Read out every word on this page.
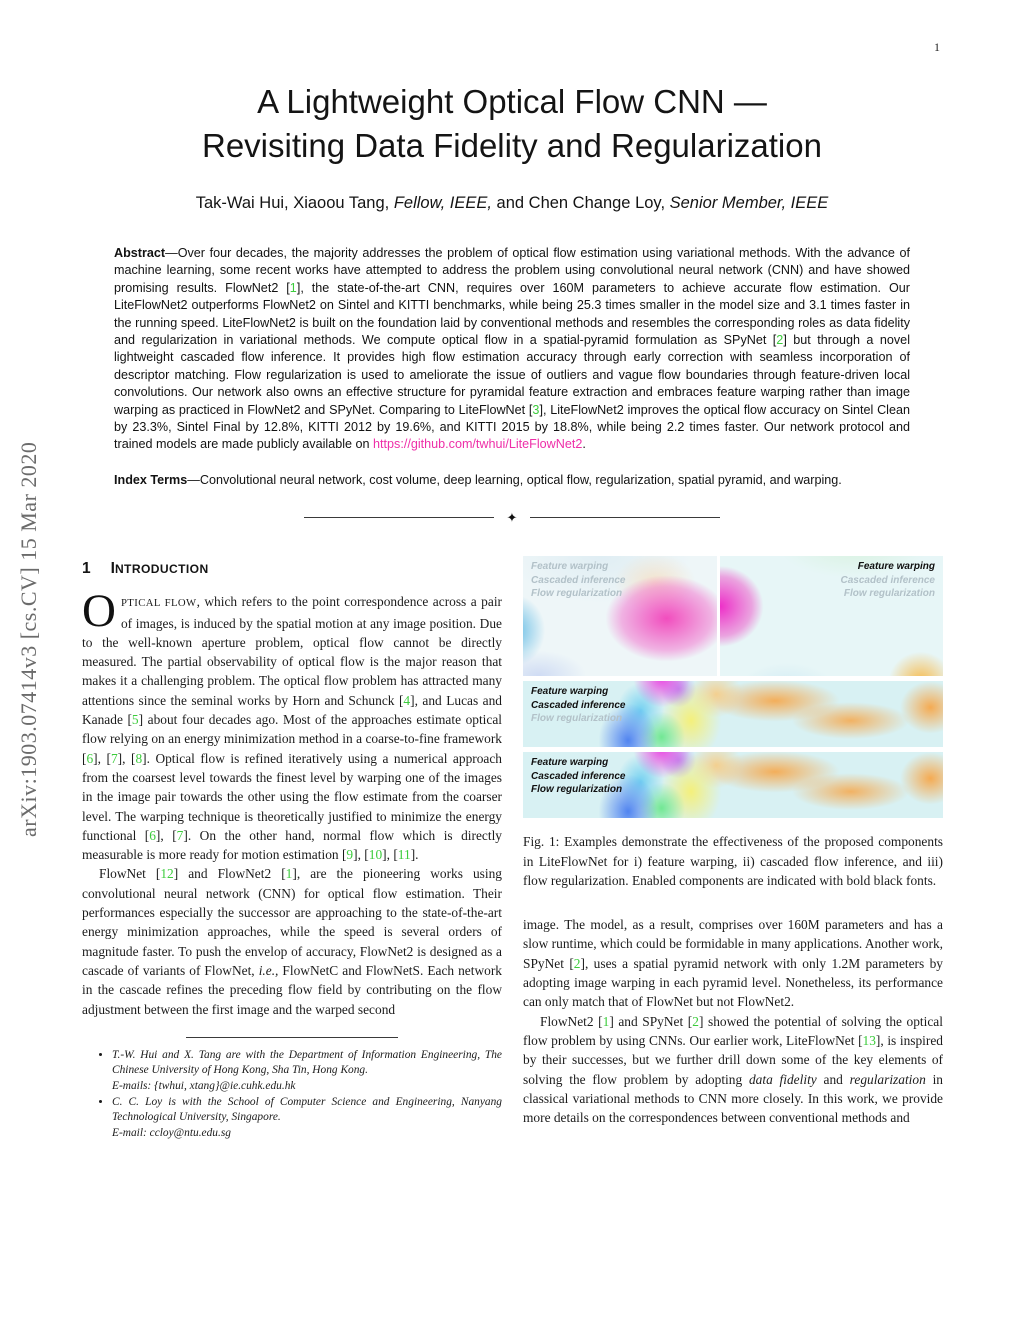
1
arXiv:1903.07414v3 [cs.CV] 15 Mar 2020
A Lightweight Optical Flow CNN —
Revisiting Data Fidelity and Regularization
Tak-Wai Hui, Xiaoou Tang, Fellow, IEEE, and Chen Change Loy, Senior Member, IEEE
Abstract—Over four decades, the majority addresses the problem of optical flow estimation using variational methods. With the advance of machine learning, some recent works have attempted to address the problem using convolutional neural network (CNN) and have showed promising results. FlowNet2 [1], the state-of-the-art CNN, requires over 160M parameters to achieve accurate flow estimation. Our LiteFlowNet2 outperforms FlowNet2 on Sintel and KITTI benchmarks, while being 25.3 times smaller in the model size and 3.1 times faster in the running speed. LiteFlowNet2 is built on the foundation laid by conventional methods and resembles the corresponding roles as data fidelity and regularization in variational methods. We compute optical flow in a spatial-pyramid formulation as SPyNet [2] but through a novel lightweight cascaded flow inference. It provides high flow estimation accuracy through early correction with seamless incorporation of descriptor matching. Flow regularization is used to ameliorate the issue of outliers and vague flow boundaries through feature-driven local convolutions. Our network also owns an effective structure for pyramidal feature extraction and embraces feature warping rather than image warping as practiced in FlowNet2 and SPyNet. Comparing to LiteFlowNet [3], LiteFlowNet2 improves the optical flow accuracy on Sintel Clean by 23.3%, Sintel Final by 12.8%, KITTI 2012 by 19.6%, and KITTI 2015 by 18.8%, while being 2.2 times faster. Our network protocol and trained models are made publicly available on https://github.com/twhui/LiteFlowNet2.
Index Terms—Convolutional neural network, cost volume, deep learning, optical flow, regularization, spatial pyramid, and warping.
✦
1 INTRODUCTION

OPTICAL FLOW, which refers to the point correspondence across a pair of images, is induced by the spatial motion at any image position. Due to the well-known aperture problem, optical flow cannot be directly measured. The partial observability of optical flow is the major reason that makes it a challenging problem. The optical flow problem has attracted many attentions since the seminal works by Horn and Schunck [4], and Lucas and Kanade [5] about four decades ago. Most of the approaches estimate optical flow relying on an energy minimization method in a coarse-to-fine framework [6], [7], [8]. Optical flow is refined iteratively using a numerical approach from the coarsest level towards the finest level by warping one of the images in the image pair towards the other using the flow estimate from the coarser level. The warping technique is theoretically justified to minimize the energy functional [6], [7]. On the other hand, normal flow which is directly measurable is more ready for motion estimation [9], [10], [11].

FlowNet [12] and FlowNet2 [1], are the pioneering works using convolutional neural network (CNN) for optical flow estimation. Their performances especially the successor are approaching to the state-of-the-art energy minimization approaches, while the speed is several orders of magnitude faster. To push the envelop of accuracy, FlowNet2 is designed as a cascade of variants of FlowNet, i.e., FlowNetC and FlowNetS. Each network in the cascade refines the preceding flow field by contributing on the flow adjustment between the first image and the warped second

• T.-W. Hui and X. Tang are with the Department of Information Engineering, The Chinese University of Hong Kong, Sha Tin, Hong Kong.
E-mails: {twhui, xtang}@ie.cuhk.edu.hk
• C. C. Loy is with the School of Computer Science and Engineering, Nanyang Technological University, Singapore.
E-mail: ccloy@ntu.edu.sg
Feature warping
Cascaded inference
Flow regularization
Feature warping
Cascaded inference
Flow regularization
Feature warping
Cascaded inference
Flow regularization
Feature warping
Cascaded inference
Flow regularization
Fig. 1: Examples demonstrate the effectiveness of the proposed components in LiteFlowNet for i) feature warping, ii) cascaded flow inference, and iii) flow regularization. Enabled components are indicated with bold black fonts.

image. The model, as a result, comprises over 160M parameters and has a slow runtime, which could be formidable in many applications. Another work, SPyNet [2], uses a spatial pyramid network with only 1.2M parameters by adopting image warping in each pyramid level. Nonetheless, its performance can only match that of FlowNet but not FlowNet2.

FlowNet2 [1] and SPyNet [2] showed the potential of solving the optical flow problem by using CNNs. Our earlier work, LiteFlowNet [13], is inspired by their successes, but we further drill down some of the key elements of solving the flow problem by adopting data fidelity and regularization in classical variational methods to CNN more closely. In this work, we provide more details on the correspondences between conventional methods and
